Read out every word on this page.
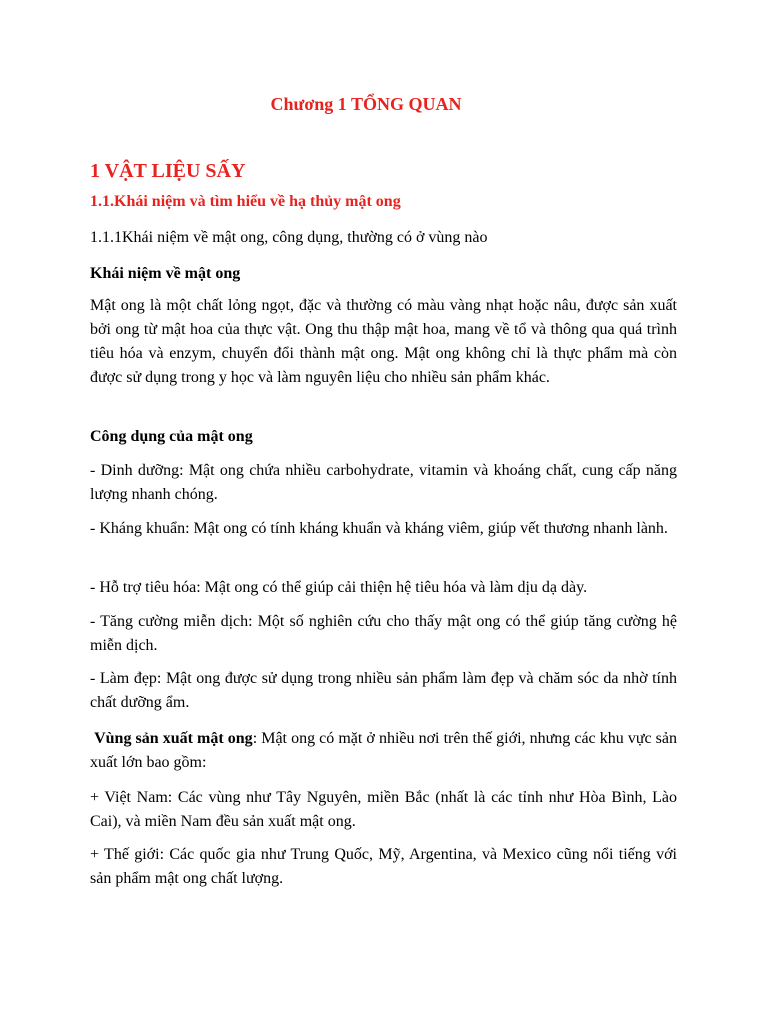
Chương 1 TỔNG QUAN
1 VẬT LIỆU SẤY
1.1.Khái niệm và tìm hiểu về hạ thủy mật ong
1.1.1Khái niệm về mật ong, công dụng, thường có ở vùng nào
Khái niệm về mật ong
Mật ong là một chất lỏng ngọt, đặc và thường có màu vàng nhạt hoặc nâu, được sản xuất bởi ong từ mật hoa của thực vật. Ong thu thập mật hoa, mang về tổ và thông qua quá trình tiêu hóa và enzym, chuyển đổi thành mật ong. Mật ong không chỉ là thực phẩm mà còn được sử dụng trong y học và làm nguyên liệu cho nhiều sản phẩm khác.
Công dụng của mật ong
- Dinh dưỡng: Mật ong chứa nhiều carbohydrate, vitamin và khoáng chất, cung cấp năng lượng nhanh chóng.
- Kháng khuẩn: Mật ong có tính kháng khuẩn và kháng viêm, giúp vết thương nhanh lành.
- Hỗ trợ tiêu hóa: Mật ong có thể giúp cải thiện hệ tiêu hóa và làm dịu dạ dày.
- Tăng cường miễn dịch: Một số nghiên cứu cho thấy mật ong có thể giúp tăng cường hệ miễn dịch.
- Làm đẹp: Mật ong được sử dụng trong nhiều sản phẩm làm đẹp và chăm sóc da nhờ tính chất dưỡng ẩm.
Vùng sản xuất mật ong: Mật ong có mặt ở nhiều nơi trên thế giới, nhưng các khu vực sản xuất lớn bao gồm:
+ Việt Nam: Các vùng như Tây Nguyên, miền Bắc (nhất là các tỉnh như Hòa Bình, Lào Cai), và miền Nam đều sản xuất mật ong.
+ Thế giới: Các quốc gia như Trung Quốc, Mỹ, Argentina, và Mexico cũng nổi tiếng với sản phẩm mật ong chất lượng.
